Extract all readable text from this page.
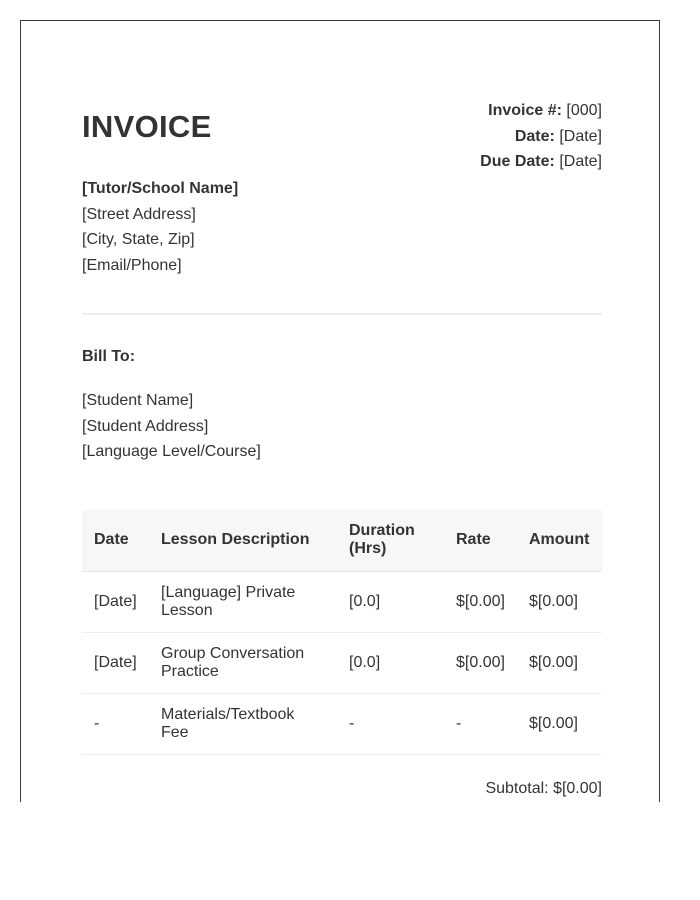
INVOICE	Invoice #: [000]
Date: [Date]
Due Date: [Date]
[Tutor/School Name]
[Street Address]
[City, State, Zip]
[Email/Phone]
Bill To:
[Student Name]
[Student Address]
[Language Level/Course]
Date	Lesson Description	Duration (Hrs)	Rate	Amount
[Date]	[Language] Private Lesson	[0.0]	$[0.00]	$[0.00]
[Date]	Group Conversation Practice	[0.0]	$[0.00]	$[0.00]
-	Materials/Textbook Fee	-	-	$[0.00]
Subtotal: $[0.00]
